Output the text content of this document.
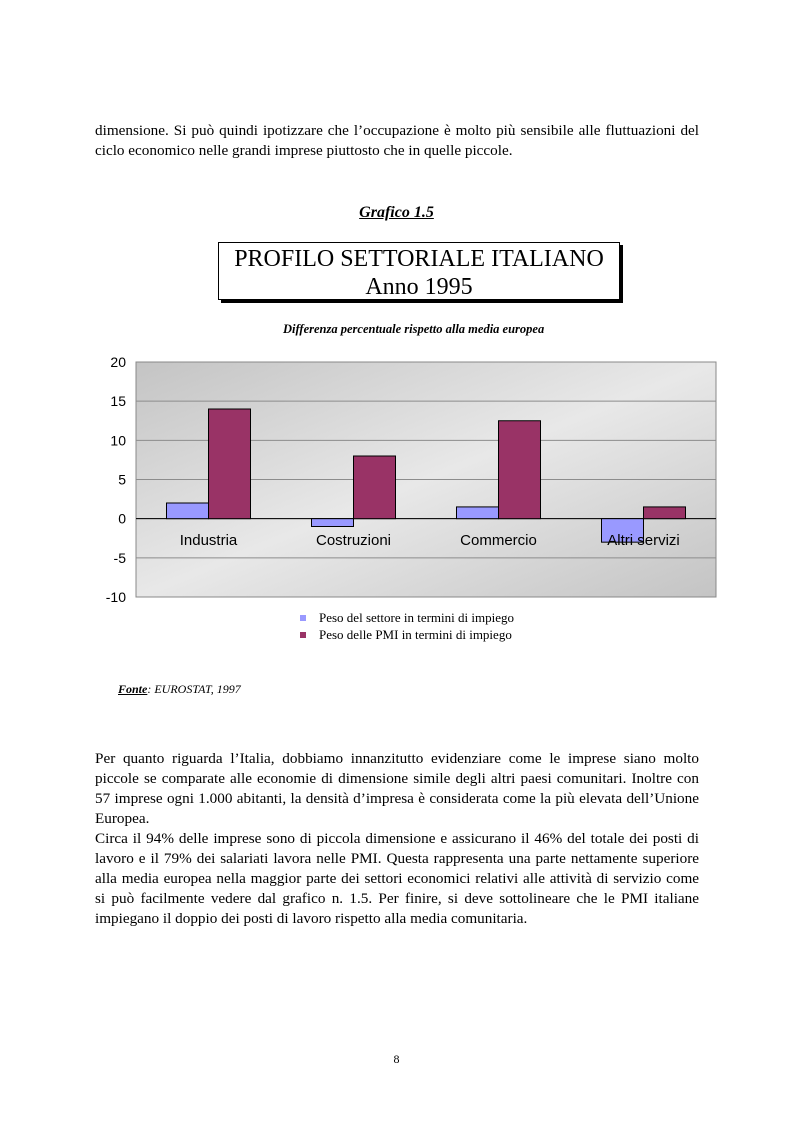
dimensione. Si può quindi ipotizzare che l’occupazione è molto più sensibile alle fluttuazioni del ciclo economico nelle grandi imprese piuttosto che in quelle piccole.

Grafico 1.5
PROFILO SETTORIALE ITALIANO
Anno 1995
Differenza percentuale rispetto alla media europea
20
15
10
5
0
-5
-10
Industria	Costruzioni	Commercio	Altri servizi
Peso del settore in termini di impiego
Peso delle PMI in termini di impiego
Fonte: EUROSTAT, 1997

Per quanto riguarda l’Italia, dobbiamo innanzitutto evidenziare come le imprese siano molto piccole se comparate alle economie di dimensione simile degli altri paesi comunitari. Inoltre con 57 imprese ogni 1.000 abitanti, la densità d’impresa è considerata come la più elevata dell’Unione Europea.

Circa il 94% delle imprese sono di piccola dimensione e assicurano il 46% del totale dei posti di lavoro e il 79% dei salariati lavora nelle PMI. Questa rappresenta una parte nettamente superiore alla media europea nella maggior parte dei settori economici relativi alle attività di servizio come si può facilmente vedere dal grafico n. 1.5. Per finire, si deve sottolineare che le PMI italiane impiegano il doppio dei posti di lavoro rispetto alla media comunitaria.

8
